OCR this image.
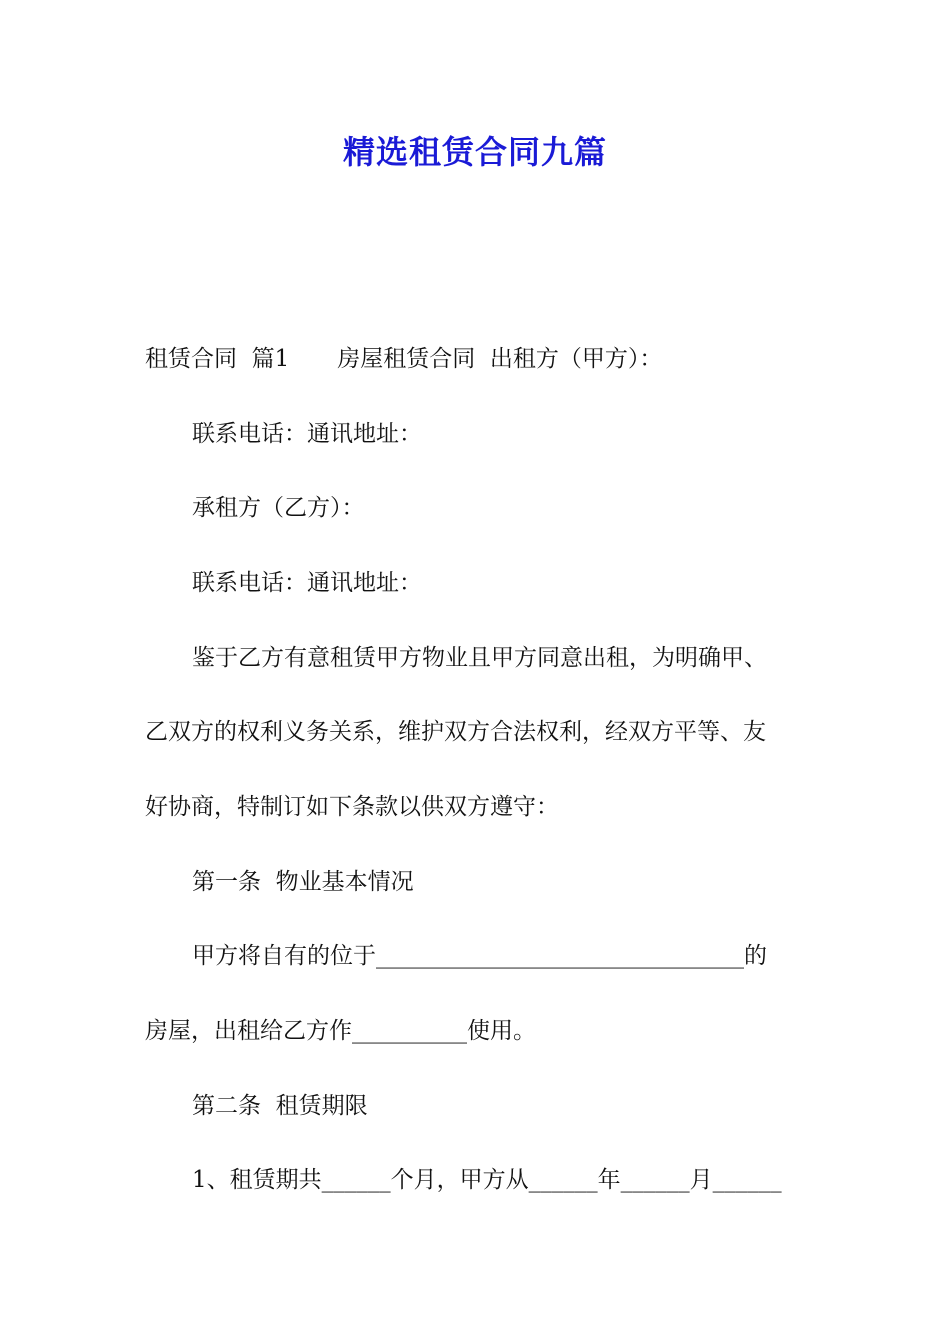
精选租赁合同九篇

租赁合同  篇1 房屋租赁合同  出租方（甲方）：

联系电话：通讯地址：

承租方（乙方）：

联系电话：通讯地址：

鉴于乙方有意租赁甲方物业且甲方同意出租，为明确甲、

乙双方的权利义务关系，维护双方合法权利，经双方平等、友

好协商，特制订如下条款以供双方遵守：

第一条  物业基本情况

甲方将自有的位于________________________________的

房屋，出租给乙方作__________使用。

第二条  租赁期限

1、租赁期共______个月，甲方从______年______月______
